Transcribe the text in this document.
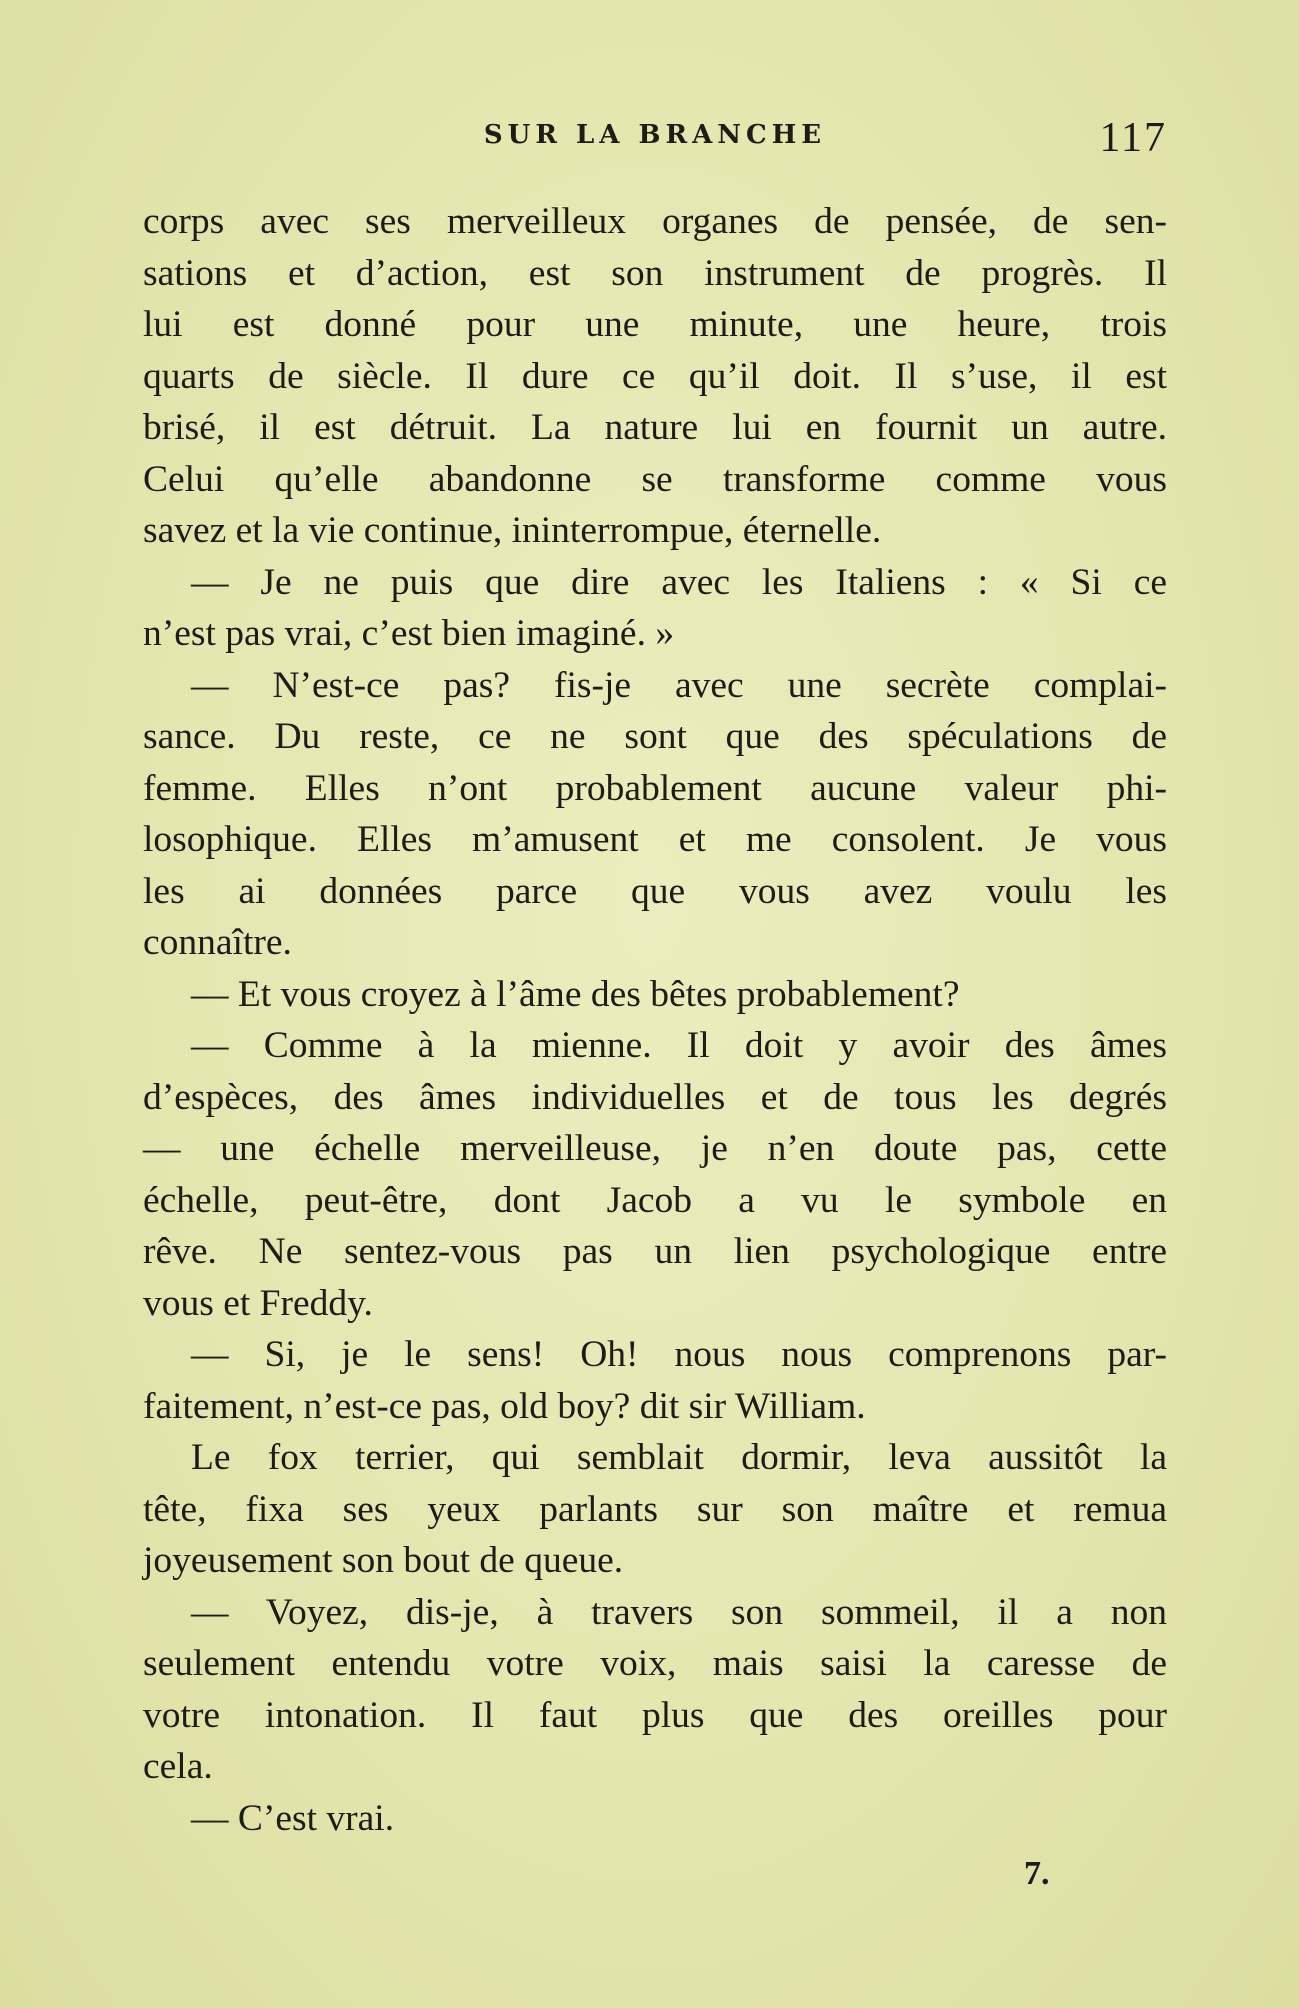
SUR LA BRANCHE	117

corps avec ses merveilleux organes de pensée, de sen-

sations et d’action, est son instrument de progrès. Il

lui est donné pour une minute, une heure, trois

quarts de siècle. Il dure ce qu’il doit. Il s’use, il est

brisé, il est détruit. La nature lui en fournit un autre.

Celui qu’elle abandonne se transforme comme vous

savez et la vie continue, ininterrompue, éternelle.

— Je ne puis que dire avec les Italiens : « Si ce

n’est pas vrai, c’est bien imaginé. »

— N’est-ce pas? fis-je avec une secrète complai-

sance. Du reste, ce ne sont que des spéculations de

femme. Elles n’ont probablement aucune valeur phi-

losophique. Elles m’amusent et me consolent. Je vous

les ai données parce que vous avez voulu les

connaître.

— Et vous croyez à l’âme des bêtes probablement?

— Comme à la mienne. Il doit y avoir des âmes

d’espèces, des âmes individuelles et de tous les degrés

— une échelle merveilleuse, je n’en doute pas, cette

échelle, peut-être, dont Jacob a vu le symbole en

rêve. Ne sentez-vous pas un lien psychologique entre

vous et Freddy.

— Si, je le sens! Oh! nous nous comprenons par-

faitement, n’est-ce pas, old boy? dit sir William.

Le fox terrier, qui semblait dormir, leva aussitôt la

tête, fixa ses yeux parlants sur son maître et remua

joyeusement son bout de queue.

— Voyez, dis-je, à travers son sommeil, il a non

seulement entendu votre voix, mais saisi la caresse de

votre intonation. Il faut plus que des oreilles pour

cela.

— C’est vrai.

7.
